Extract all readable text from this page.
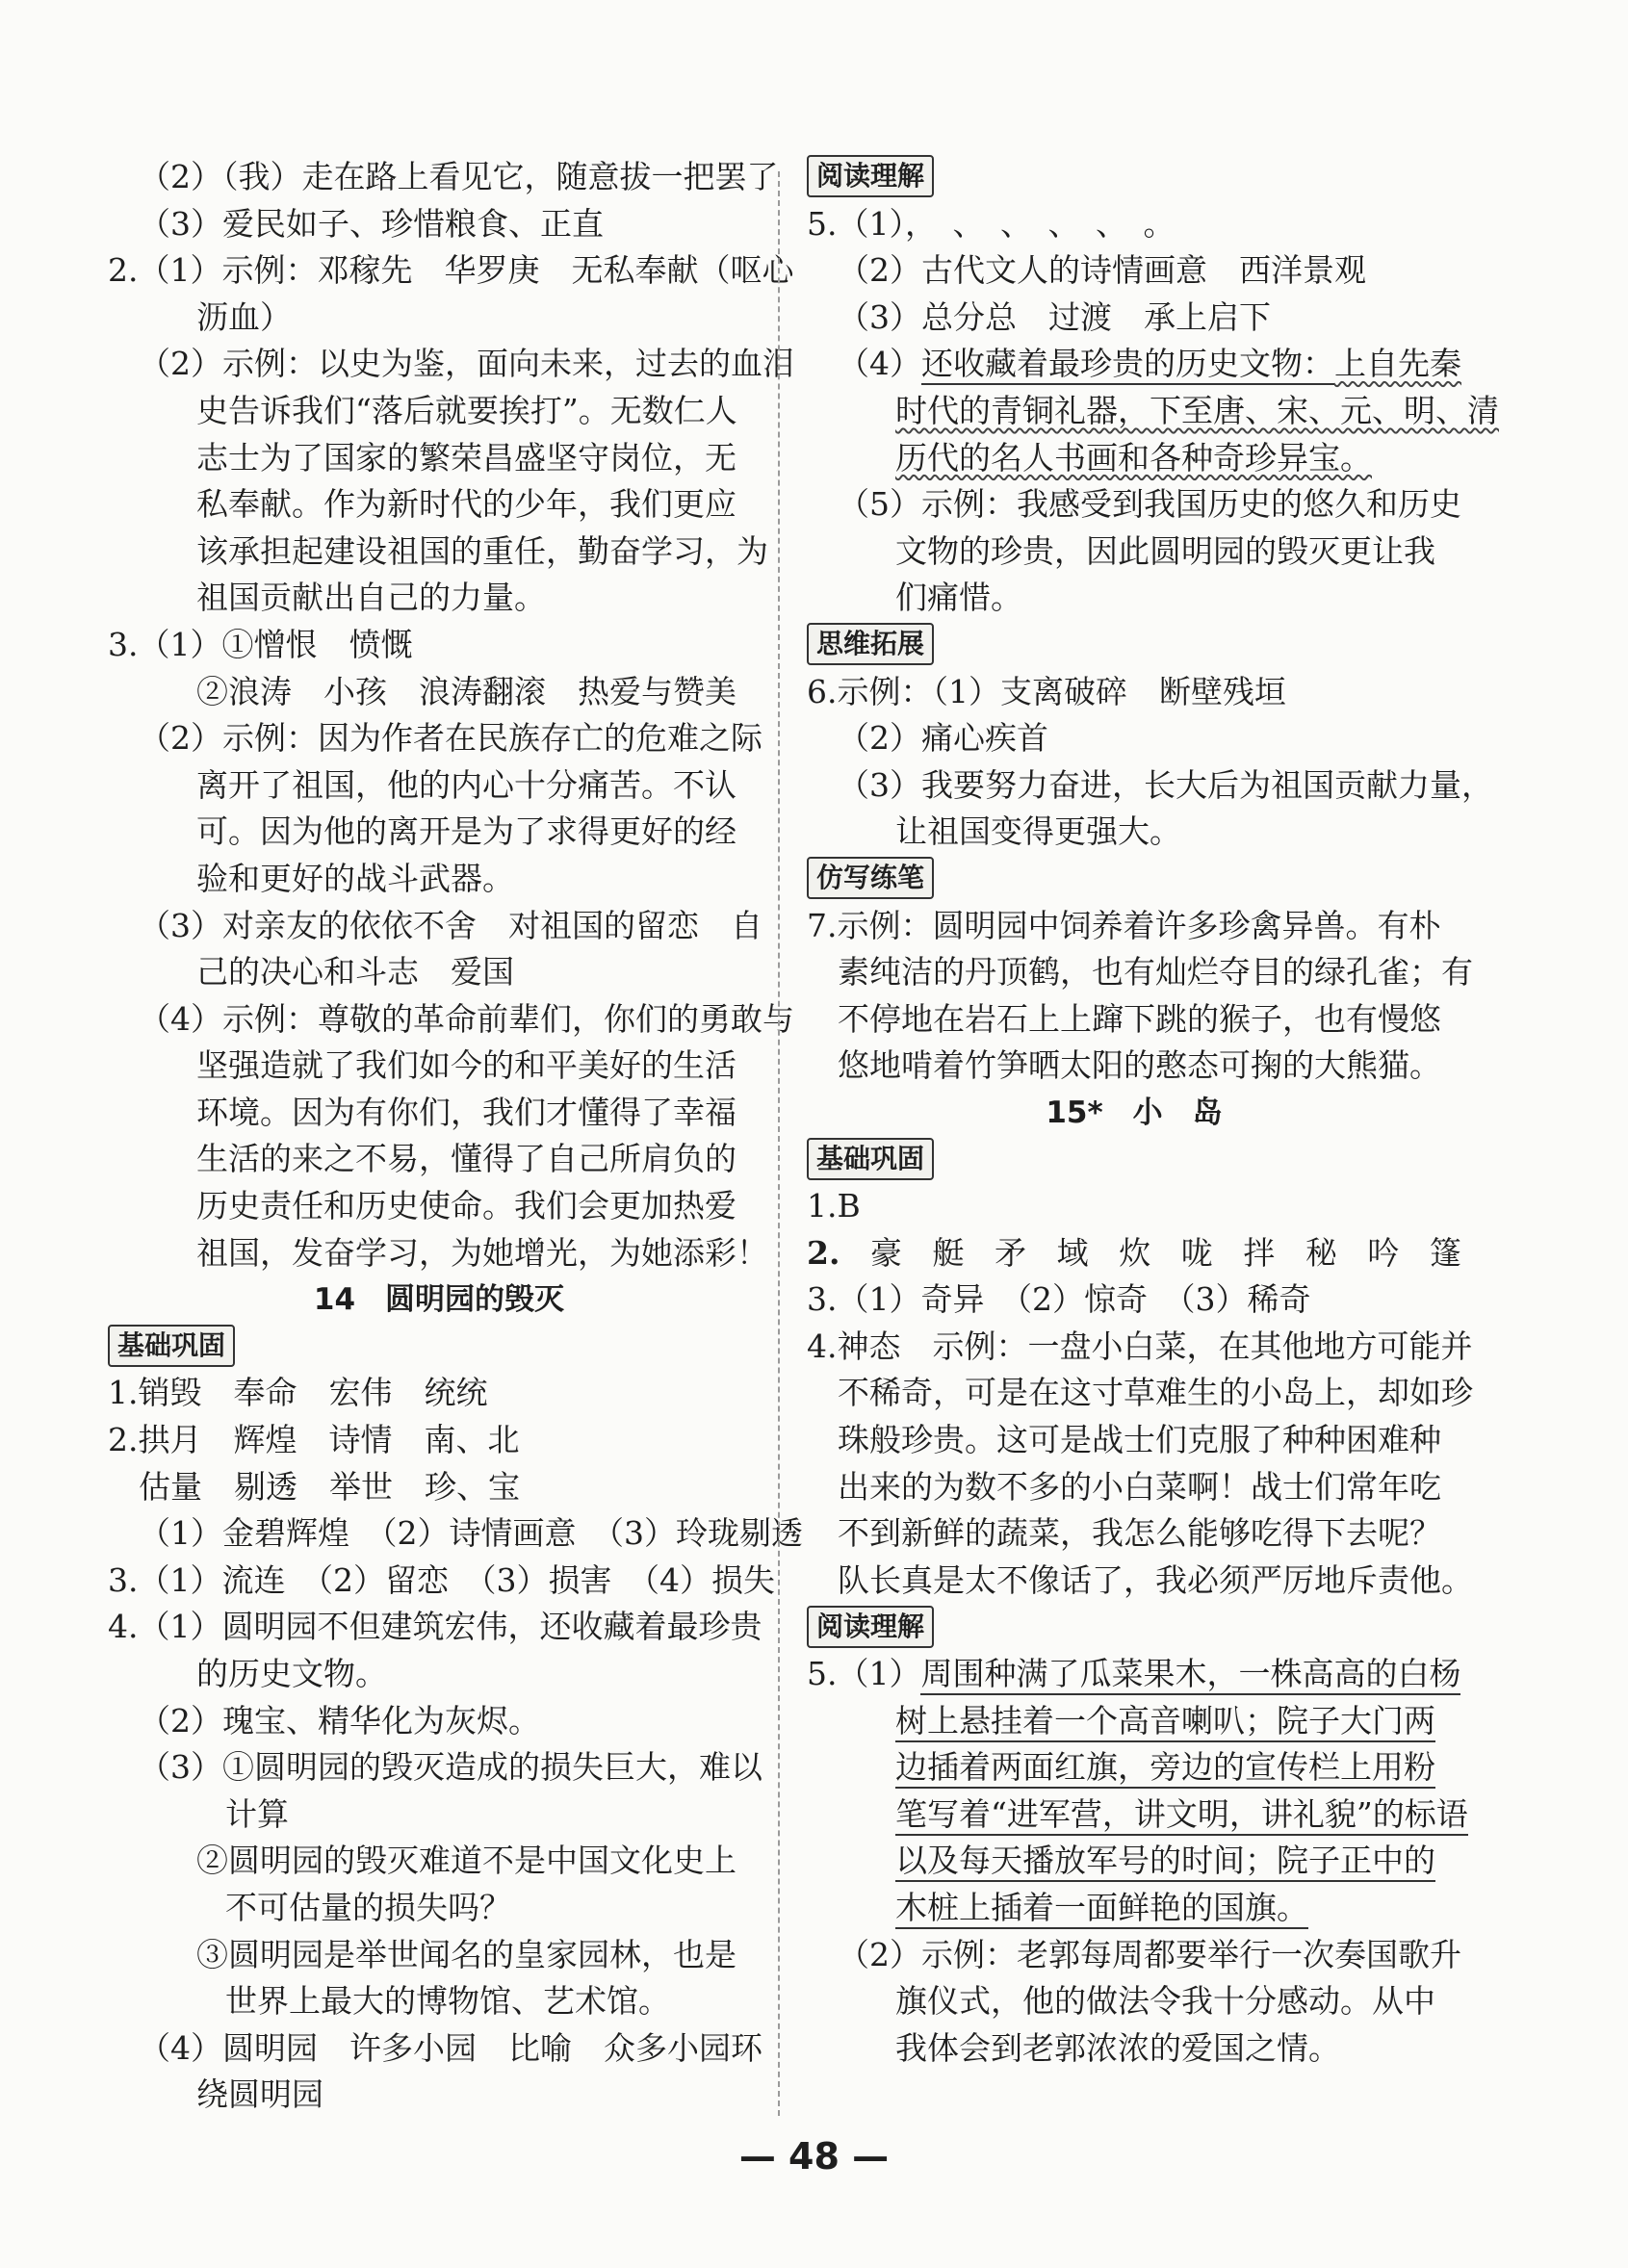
（2）（我）走在路上看见它，随意拔一把罢了
（3）爱民如子、珍惜粮食、正直
2.（1）示例：邓稼先　华罗庚　无私奉献（呕心
沥血）
（2）示例：以史为鉴，面向未来，过去的血泪
史告诉我们“落后就要挨打”。无数仁人
志士为了国家的繁荣昌盛坚守岗位，无
私奉献。作为新时代的少年，我们更应
该承担起建设祖国的重任，勤奋学习，为
祖国贡献出自己的力量。
3.（1）①憎恨　愤慨
②浪涛　小孩　浪涛翻滚　热爱与赞美
（2）示例：因为作者在民族存亡的危难之际
离开了祖国，他的内心十分痛苦。不认
可。因为他的离开是为了求得更好的经
验和更好的战斗武器。
（3）对亲友的依依不舍　对祖国的留恋　自
己的决心和斗志　爱国
（4）示例：尊敬的革命前辈们，你们的勇敢与
坚强造就了我们如今的和平美好的生活
环境。因为有你们，我们才懂得了幸福
生活的来之不易，懂得了自己所肩负的
历史责任和历史使命。我们会更加热爱
祖国，发奋学习，为她增光，为她添彩！
14　圆明园的毁灭
基础巩固
1.销毁　奉命　宏伟　统统
2.拱月　辉煌　诗情　南、北
估量　剔透　举世　珍、宝
（1）金碧辉煌　（2）诗情画意　（3）玲珑剔透
3.（1）流连　（2）留恋　（3）损害　（4）损失
4.（1）圆明园不但建筑宏伟，还收藏着最珍贵
的历史文物。
（2）瑰宝、精华化为灰烬。
（3）①圆明园的毁灭造成的损失巨大，难以
计算
②圆明园的毁灭难道不是中国文化史上
不可估量的损失吗？
③圆明园是举世闻名的皇家园林，也是
世界上最大的博物馆、艺术馆。
（4）圆明园　许多小园　比喻　众多小园环
绕圆明园
阅读理解
5.（1），　、　、　、　、　。
（2）古代文人的诗情画意　西洋景观
（3）总分总　过渡　承上启下
（4）还收藏着最珍贵的历史文物：上自先秦
时代的青铜礼器，下至唐、宋、元、明、清
历代的名人书画和各种奇珍异宝。
（5）示例：我感受到我国历史的悠久和历史
文物的珍贵，因此圆明园的毁灭更让我
们痛惜。
思维拓展
6.示例：（1）支离破碎　断壁残垣
（2）痛心疾首
（3）我要努力奋进，长大后为祖国贡献力量，
让祖国变得更强大。
仿写练笔
7.示例：圆明园中饲养着许多珍禽异兽。有朴
素纯洁的丹顶鹤，也有灿烂夺目的绿孔雀；有
不停地在岩石上上蹿下跳的猴子，也有慢悠
悠地啃着竹笋晒太阳的憨态可掬的大熊猫。
15*　小　岛
基础巩固
1.B
2. 豪 艇 矛 域 炊 咙 拌 秘 吟 篷
3.（1）奇异　（2）惊奇　（3）稀奇
4.神态　示例：一盘小白菜，在其他地方可能并
不稀奇，可是在这寸草难生的小岛上，却如珍
珠般珍贵。这可是战士们克服了种种困难种
出来的为数不多的小白菜啊！战士们常年吃
不到新鲜的蔬菜，我怎么能够吃得下去呢？
队长真是太不像话了，我必须严厉地斥责他。
阅读理解
5.（1）周围种满了瓜菜果木，一株高高的白杨
树上悬挂着一个高音喇叭；院子大门两
边插着两面红旗，旁边的宣传栏上用粉
笔写着“进军营，讲文明，讲礼貌”的标语
以及每天播放军号的时间；院子正中的
木桩上插着一面鲜艳的国旗。
（2）示例：老郭每周都要举行一次奏国歌升
旗仪式，他的做法令我十分感动。从中
我体会到老郭浓浓的爱国之情。
— 48 —
